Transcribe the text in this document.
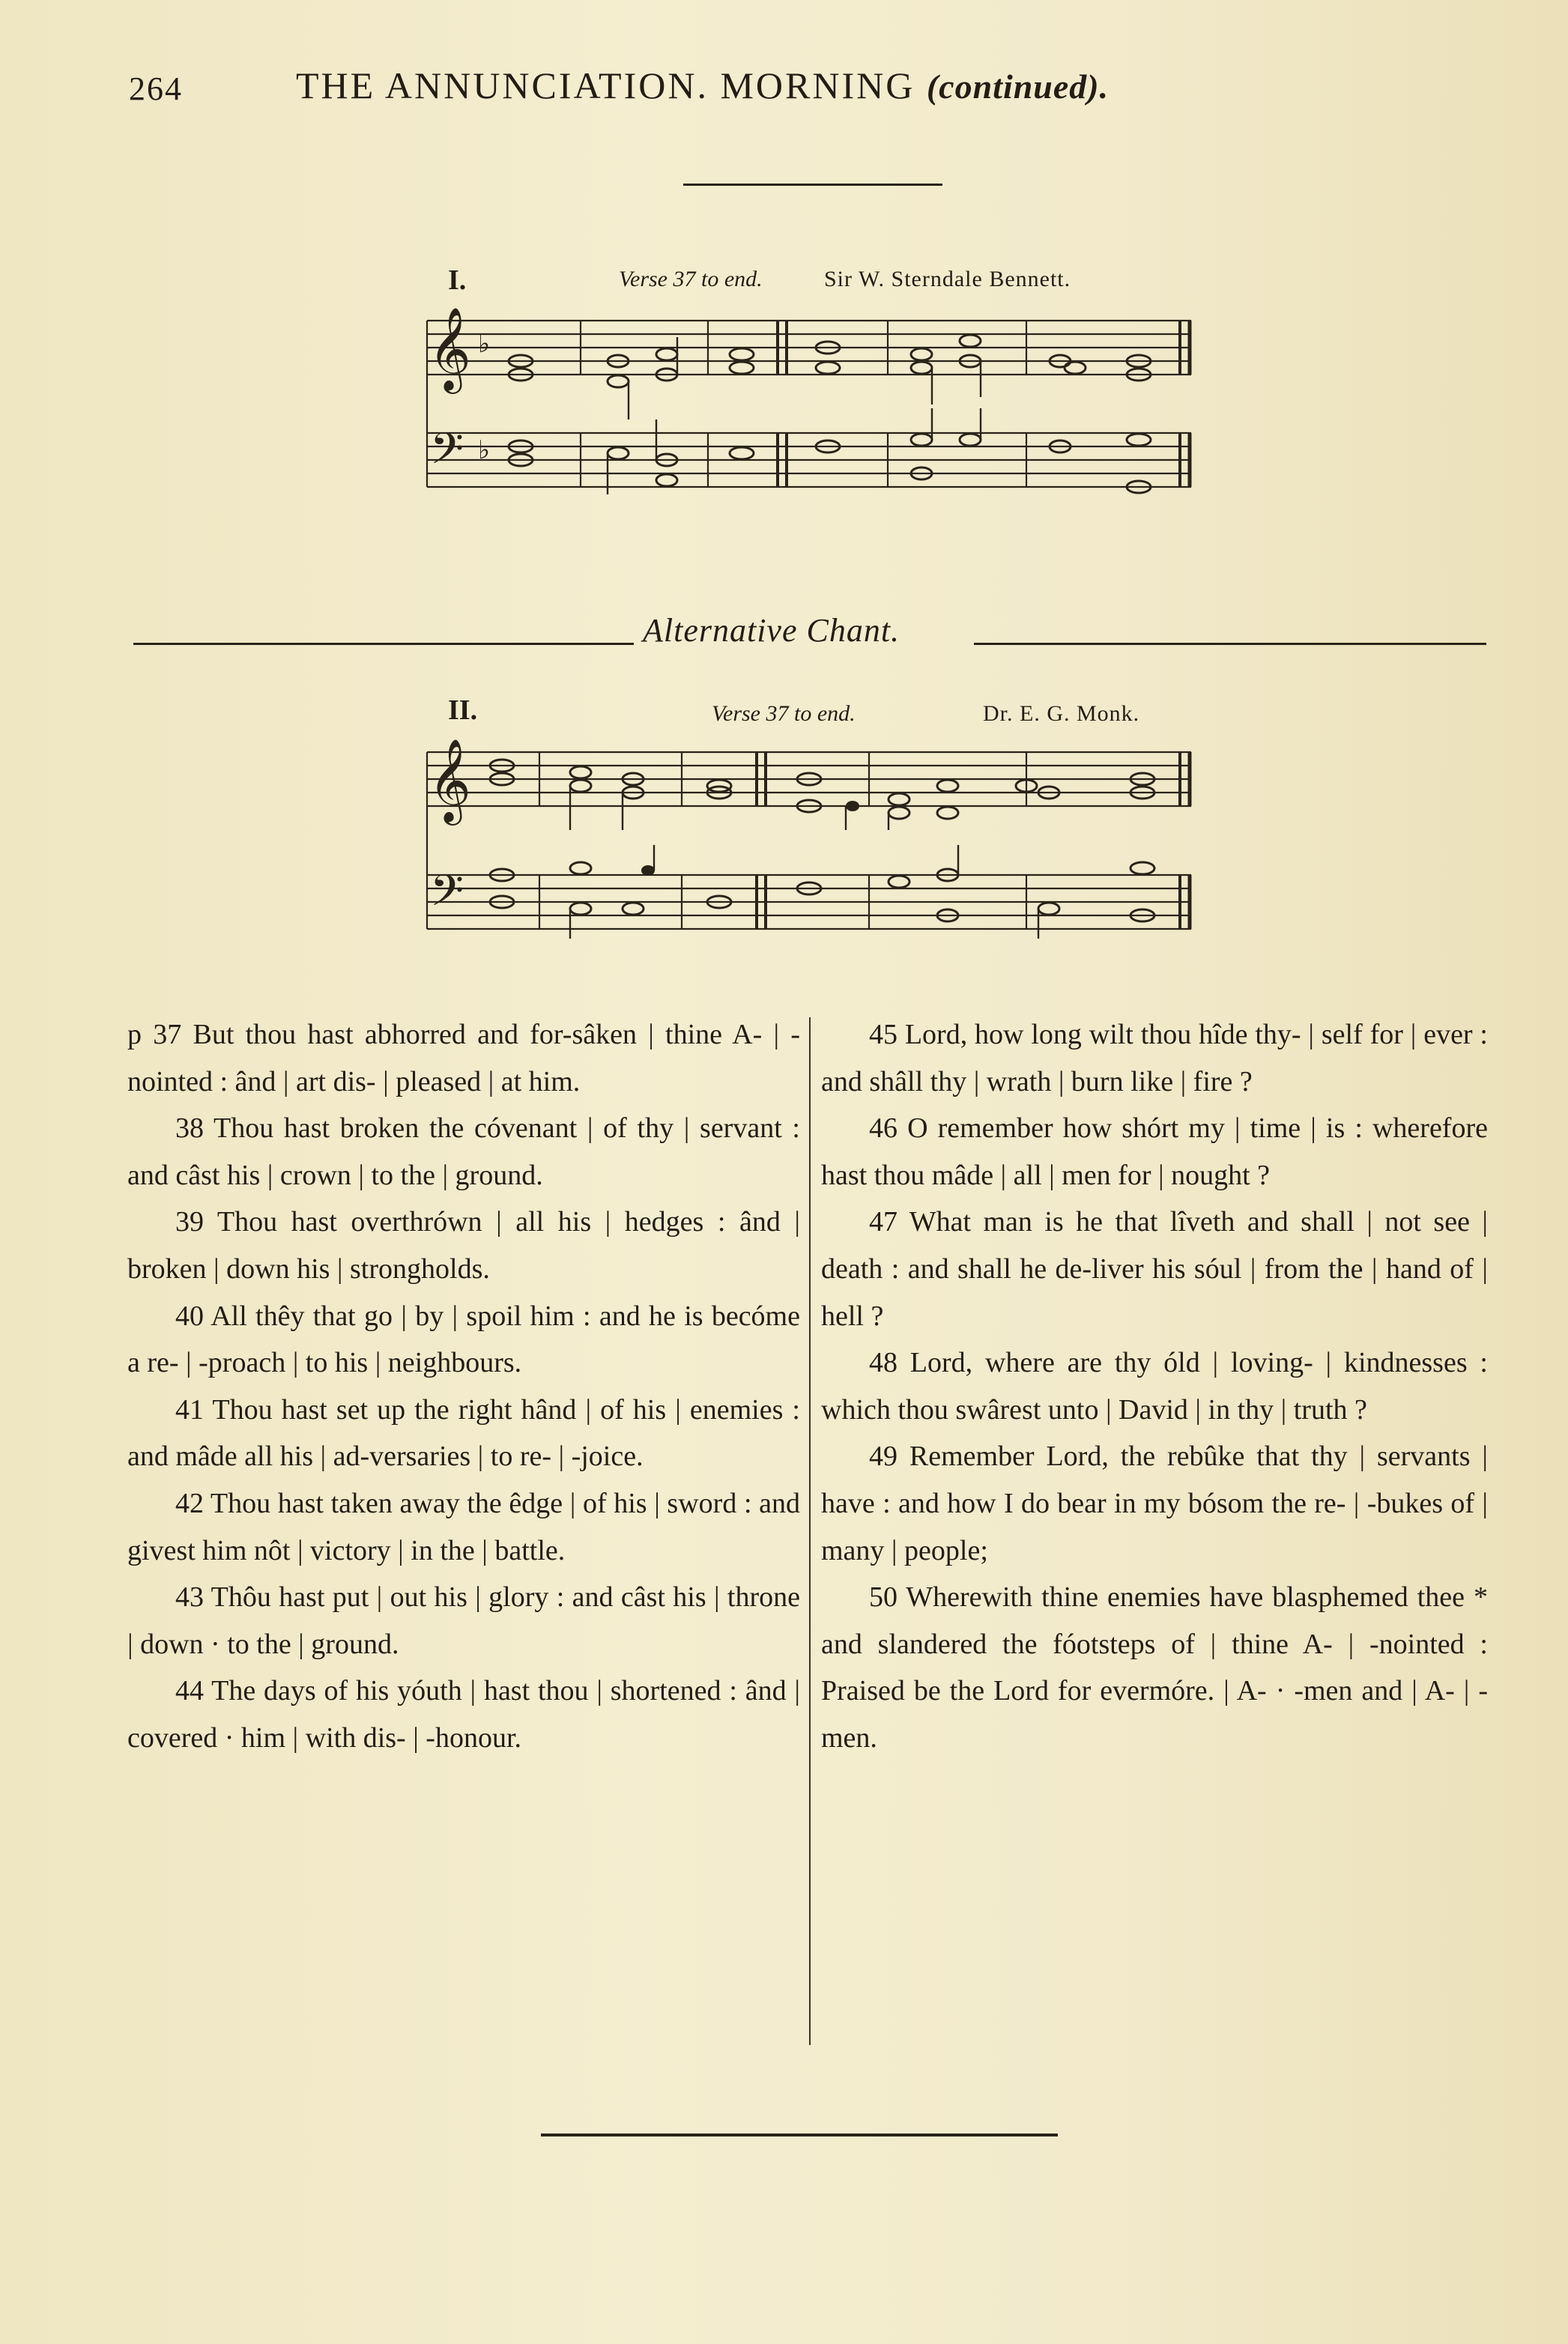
264	THE ANNUNCIATION. MORNING (continued).
I.	Verse 37 to end.	Sir W. Sterndale Bennett.
𝄞
𝄢
♭
♭
Alternative Chant.
II.	Verse 37 to end.	Dr. E. G. Monk.
𝄞
𝄢

p 37 But thou hast abhorred and for-sâken | thine A- | -nointed : ând | art dis- | pleased | at him.

38 Thou hast broken the cóvenant | of thy | servant : and câst his | crown | to the | ground.

39 Thou hast overthrówn | all his | hedges : ând | broken | down his | strongholds.

40 All thêy that go | by | spoil him : and he is becóme a re- | -proach | to his | neighbours.

41 Thou hast set up the right hând | of his | enemies : and mâde all his | ad-versaries | to re- | -joice.

42 Thou hast taken away the êdge | of his | sword : and givest him nôt | victory | in the | battle.

43 Thôu hast put | out his | glory : and câst his | throne | down · to the | ground.

44 The days of his yóuth | hast thou | shortened : ând | covered · him | with dis- | -honour.

45 Lord, how long wilt thou hîde thy- | self for | ever : and shâll thy | wrath | burn like | fire ?

46 O remember how shórt my | time | is : wherefore hast thou mâde | all | men for | nought ?

47 What man is he that lîveth and shall | not see | death : and shall he de-liver his sóul | from the | hand of | hell ?

48 Lord, where are thy óld | loving- | kindnesses : which thou swârest unto | David | in thy | truth ?

49 Remember Lord, the rebûke that thy | servants | have : and how I do bear in my bósom the re- | -bukes of | many | people;

50 Wherewith thine enemies have blasphemed thee * and slandered the fóotsteps of | thine A- | -nointed : Praised be the Lord for evermóre. | A- · -men and | A- | -men.
